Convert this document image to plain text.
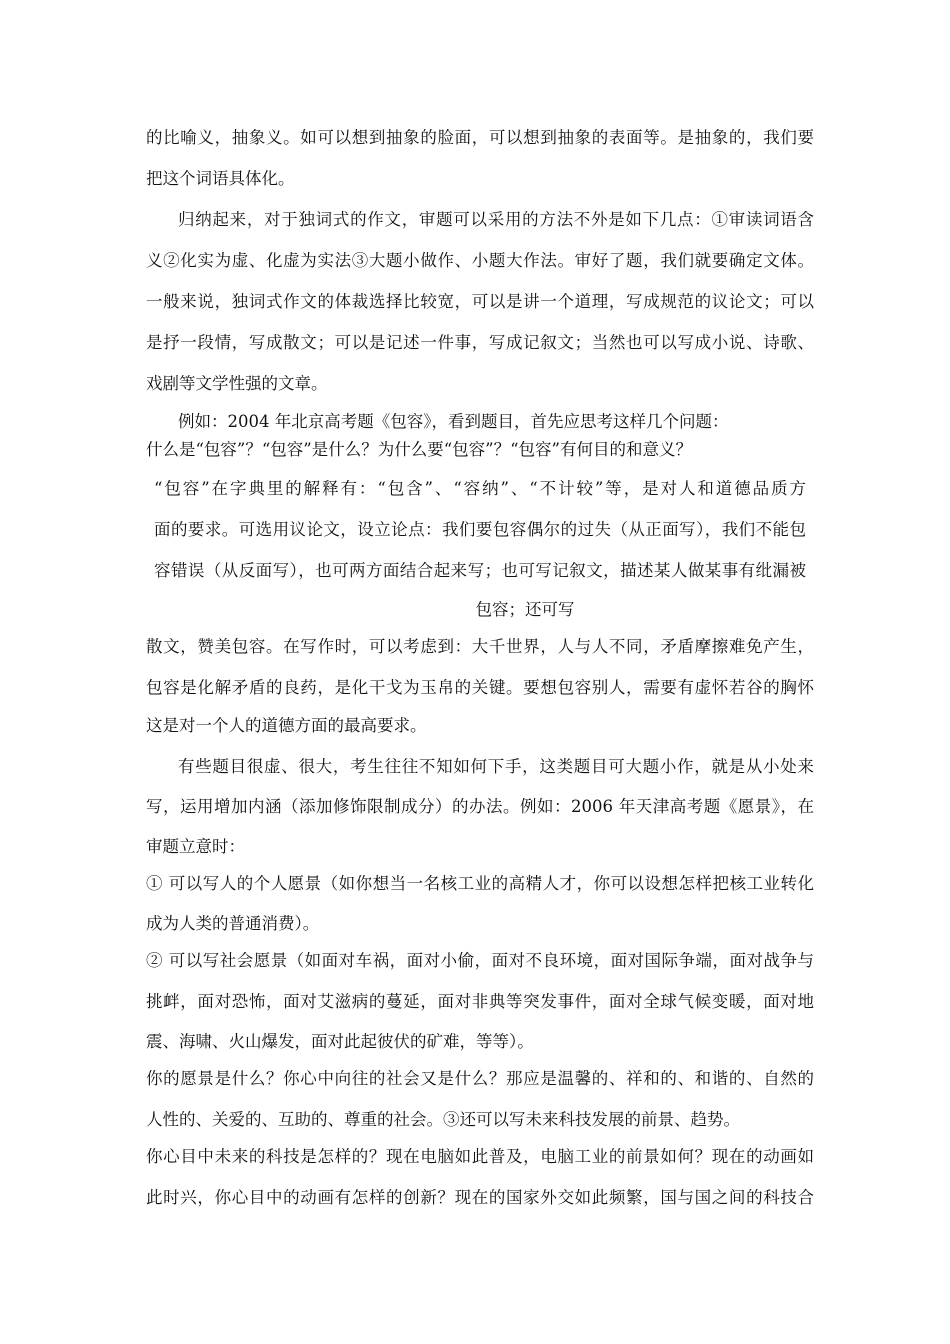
的比喻义，抽象义。如可以想到抽象的脸面，可以想到抽象的表面等。是抽象的，我们要
把这个词语具体化。
归纳起来，对于独词式的作文，审题可以采用的方法不外是如下几点：①审读词语含
义②化实为虚、化虚为实法③大题小做作、小题大作法。审好了题，我们就要确定文体。
一般来说，独词式作文的体裁选择比较宽，可以是讲一个道理，写成规范的议论文；可以
是抒一段情，写成散文；可以是记述一件事，写成记叙文；当然也可以写成小说、诗歌、
戏剧等文学性强的文章。
例如：2004 年北京高考题《包容》，看到题目，首先应思考这样几个问题：
什么是“包容”？“包容”是什么？为什么要“包容”？“包容”有何目的和意义？
“包容”在字典里的解释有：“包含”、“容纳”、“不计较”等，是对人和道德品质方
面的要求。可选用议论文，设立论点：我们要包容偶尔的过失（从正面写），我们不能包
容错误（从反面写），也可两方面结合起来写；也可写记叙文，描述某人做某事有纰漏被
包容；还可写
散文，赞美包容。在写作时，可以考虑到：大千世界，人与人不同，矛盾摩擦难免产生，
包容是化解矛盾的良药，是化干戈为玉帛的关键。要想包容别人，需要有虚怀若谷的胸怀
这是对一个人的道德方面的最高要求。
有些题目很虚、很大，考生往往不知如何下手，这类题目可大题小作，就是从小处来
写，运用增加内涵（添加修饰限制成分）的办法。例如：2006 年天津高考题《愿景》，在
审题立意时：
① 可以写人的个人愿景（如你想当一名核工业的高精人才，你可以设想怎样把核工业转化
成为人类的普通消费）。
② 可以写社会愿景（如面对车祸，面对小偷，面对不良环境，面对国际争端，面对战争与
挑衅，面对恐怖，面对艾滋病的蔓延，面对非典等突发事件，面对全球气候变暖，面对地
震、海啸、火山爆发，面对此起彼伏的矿难，等等）。
你的愿景是什么？你心中向往的社会又是什么？那应是温馨的、祥和的、和谐的、自然的
人性的、关爱的、互助的、尊重的社会。③还可以写未来科技发展的前景、趋势。
你心目中未来的科技是怎样的？现在电脑如此普及，电脑工业的前景如何？现在的动画如
此时兴，你心目中的动画有怎样的创新？现在的国家外交如此频繁，国与国之间的科技合
